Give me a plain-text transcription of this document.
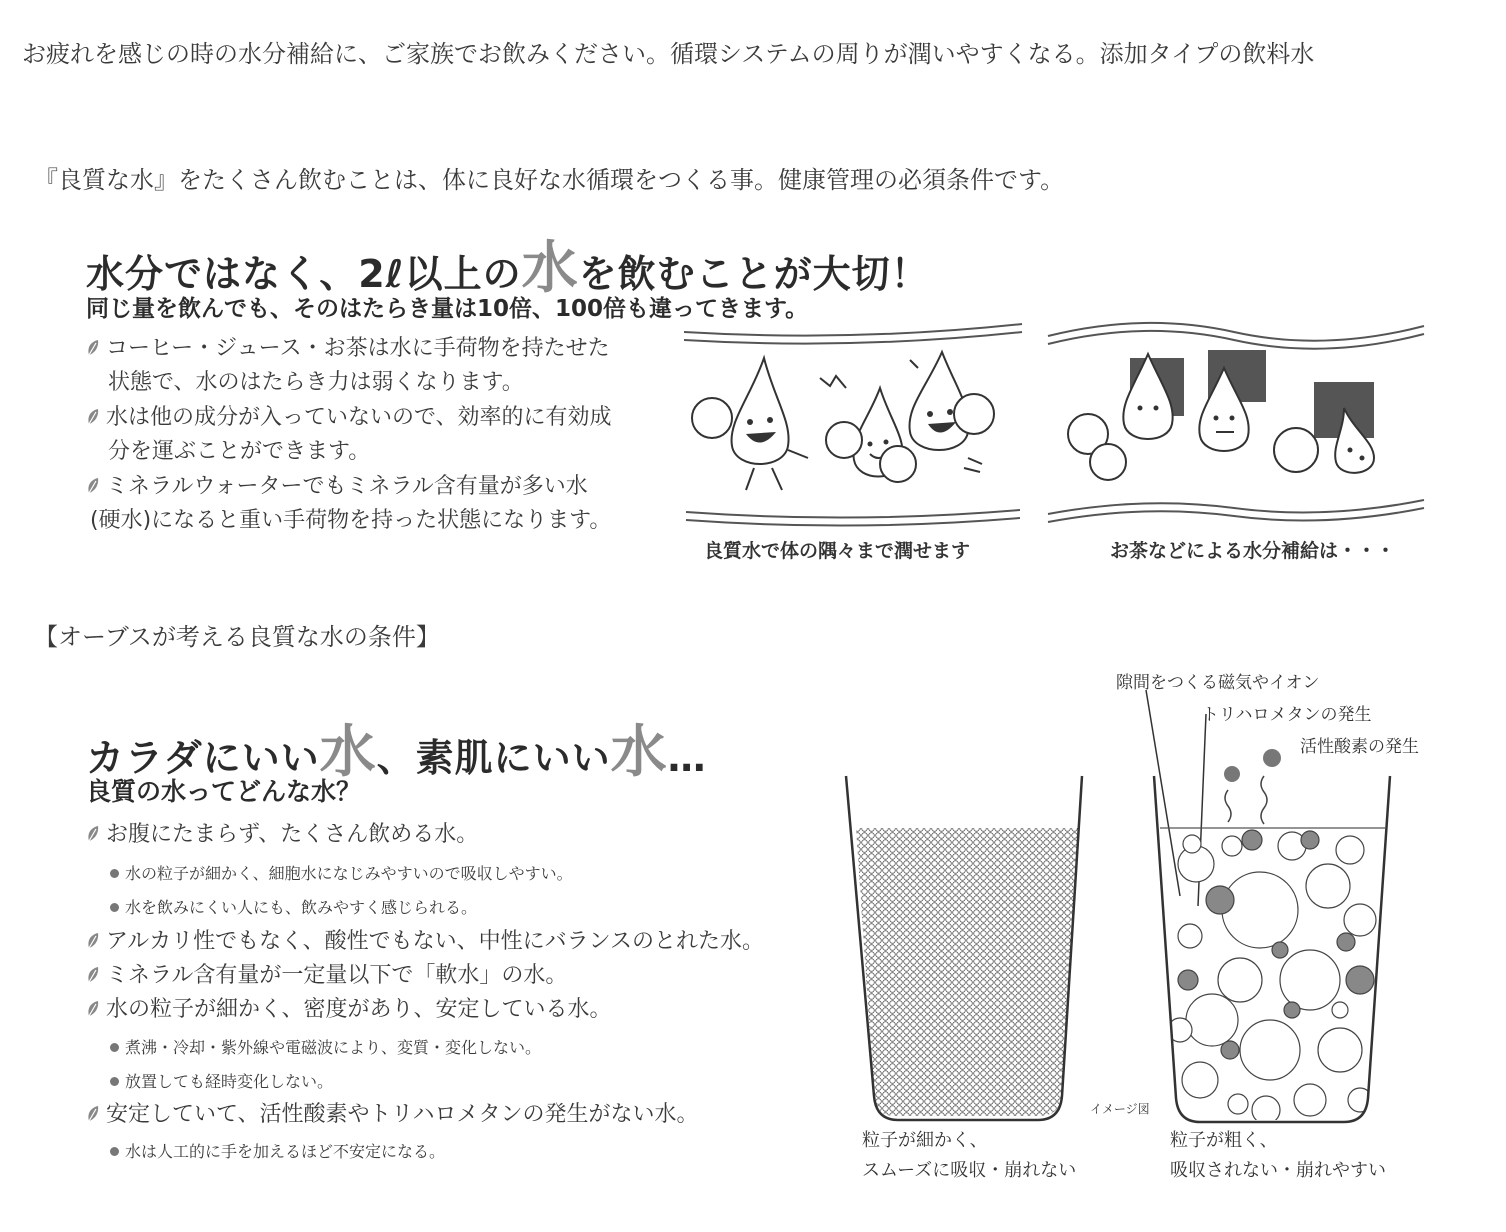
お疲れを感じの時の水分補給に、ご家族でお飲みください。循環システムの周りが潤いやすくなる。添加タイプの飲料水
『良質な水』をたくさん飲むことは、体に良好な水循環をつくる事。健康管理の必須条件です。
水分ではなく、2ℓ以上の水を飲むことが大切！
同じ量を飲んでも、そのはたらき量は10倍、100倍も違ってきます。
コーヒー・ジュース・お茶は水に手荷物を持たせた
状態で、水のはたらき力は弱くなります。
水は他の成分が入っていないので、効率的に有効成
分を運ぶことができます。
ミネラルウォーターでもミネラル含有量が多い水
(硬水)になると重い手荷物を持った状態になります。
良質水で体の隅々まで潤せます	お茶などによる水分補給は・・・
【オーブスが考える良質な水の条件】
カラダにいい水、素肌にいい水…
良質の水ってどんな水？
お腹にたまらず、たくさん飲める水。
水の粒子が細かく、細胞水になじみやすいので吸収しやすい。
水を飲みにくい人にも、飲みやすく感じられる。
アルカリ性でもなく、酸性でもない、中性にバランスのとれた水。
ミネラル含有量が一定量以下で「軟水」の水。
水の粒子が細かく、密度があり、安定している水。
煮沸・冷却・紫外線や電磁波により、変質・変化しない。
放置しても経時変化しない。
安定していて、活性酸素やトリハロメタンの発生がない水。
水は人工的に手を加えるほど不安定になる。
隙間をつくる磁気やイオン
トリハロメタンの発生
活性酸素の発生
イメージ図
粒子が細かく、
スムーズに吸収・崩れない
粒子が粗く、
吸収されない・崩れやすい
